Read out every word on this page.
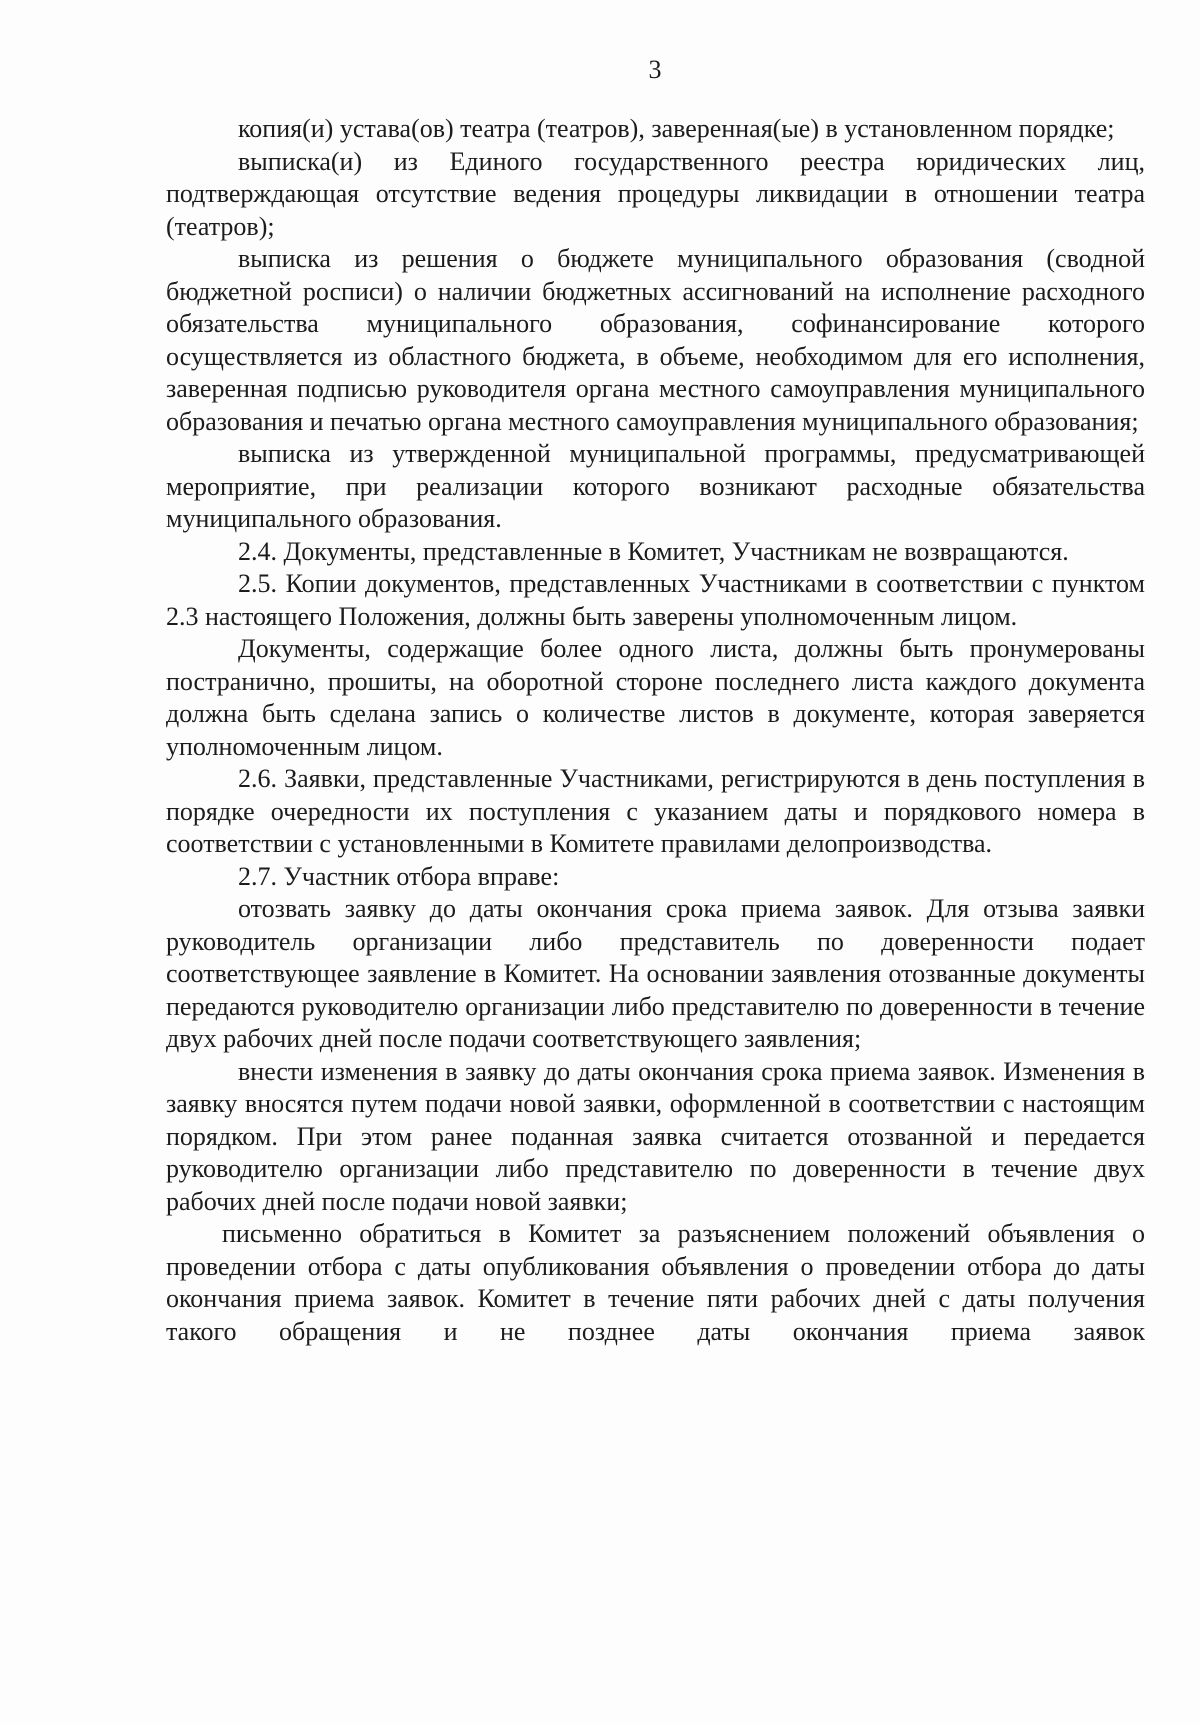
3

копия(и) устава(ов) театра (театров), заверенная(ые) в установленном порядке;

выписка(и) из Единого государственного реестра юридических лиц, подтверждающая отсутствие ведения процедуры ликвидации в отношении театра (театров);

выписка из решения о бюджете муниципального образования (сводной бюджетной росписи) о наличии бюджетных ассигнований на исполнение расходного обязательства муниципального образования, софинансирование которого осуществляется из областного бюджета, в объеме, необходимом для его исполнения, заверенная подписью руководителя органа местного самоуправления муниципального образования и печатью органа местного самоуправления муниципального образования;

выписка из утвержденной муниципальной программы, предусматривающей мероприятие, при реализации которого возникают расходные обязательства муниципального образования.

2.4. Документы, представленные в Комитет, Участникам не возвращаются.

2.5. Копии документов, представленных Участниками в соответствии с пунктом 2.3 настоящего Положения, должны быть заверены уполномоченным лицом.

Документы, содержащие более одного листа, должны быть пронумерованы постранично, прошиты, на оборотной стороне последнего листа каждого документа должна быть сделана запись о количестве листов в документе, которая заверяется уполномоченным лицом.

2.6. Заявки, представленные Участниками, регистрируются в день поступления в порядке очередности их поступления с указанием даты и порядкового номера в соответствии с установленными в Комитете правилами делопроизводства.

2.7. Участник отбора вправе:

отозвать заявку до даты окончания срока приема заявок. Для отзыва заявки руководитель организации либо представитель по доверенности подает соответствующее заявление в Комитет. На основании заявления отозванные документы передаются руководителю организации либо представителю по доверенности в течение двух рабочих дней после подачи соответствующего заявления;

внести изменения в заявку до даты окончания срока приема заявок. Изменения в заявку вносятся путем подачи новой заявки, оформленной в соответствии с настоящим порядком. При этом ранее поданная заявка считается отозванной и передается руководителю организации либо представителю по доверенности в течение двух рабочих дней после подачи новой заявки;

письменно обратиться в Комитет за разъяснением положений объявления о проведении отбора с даты опубликования объявления о проведении отбора до даты окончания приема заявок. Комитет в течение пяти рабочих дней с даты получения такого обращения и не позднее даты окончания приема заявок
